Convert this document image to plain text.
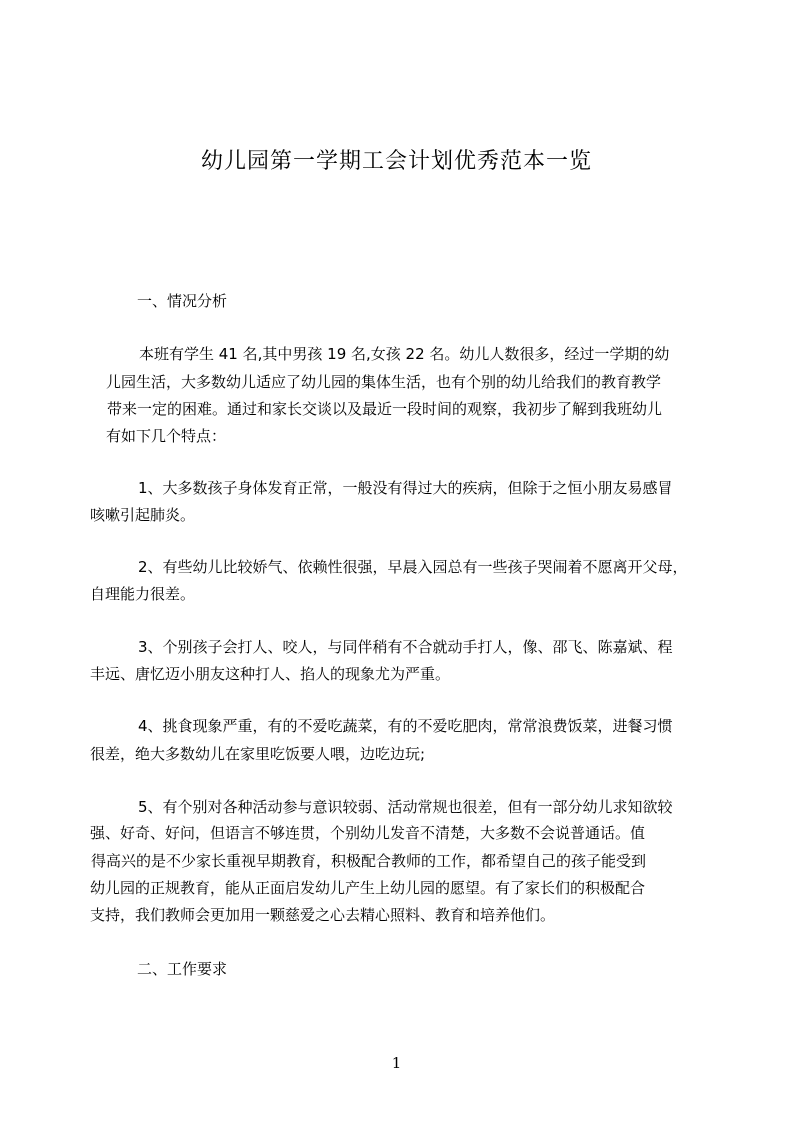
幼儿园第一学期工会计划优秀范本一览
一、情况分析
本班有学生 41 名,其中男孩 19 名,女孩 22 名。幼儿人数很多，经过一学期的幼
儿园生活，大多数幼儿适应了幼儿园的集体生活，也有个别的幼儿给我们的教育教学
带来一定的困难。通过和家长交谈以及最近一段时间的观察，我初步了解到我班幼儿
有如下几个特点：
1、大多数孩子身体发育正常，一般没有得过大的疾病，但除于之恒小朋友易感冒
咳嗽引起肺炎。
2、有些幼儿比较娇气、依赖性很强，早晨入园总有一些孩子哭闹着不愿离开父母，
自理能力很差。
3、个别孩子会打人、咬人，与同伴稍有不合就动手打人，像、邵飞、陈嘉斌、程
丰远、唐忆迈小朋友这种打人、掐人的现象尤为严重。
4、挑食现象严重，有的不爱吃蔬菜，有的不爱吃肥肉，常常浪费饭菜，进餐习惯
很差，绝大多数幼儿在家里吃饭要人喂，边吃边玩;
5、有个别对各种活动参与意识较弱、活动常规也很差，但有一部分幼儿求知欲较
强、好奇、好问，但语言不够连贯，个别幼儿发音不清楚，大多数不会说普通话。值
得高兴的是不少家长重视早期教育，积极配合教师的工作，都希望自己的孩子能受到
幼儿园的正规教育，能从正面启发幼儿产生上幼儿园的愿望。有了家长们的积极配合
支持，我们教师会更加用一颗慈爱之心去精心照料、教育和培养他们。
二、工作要求
1
